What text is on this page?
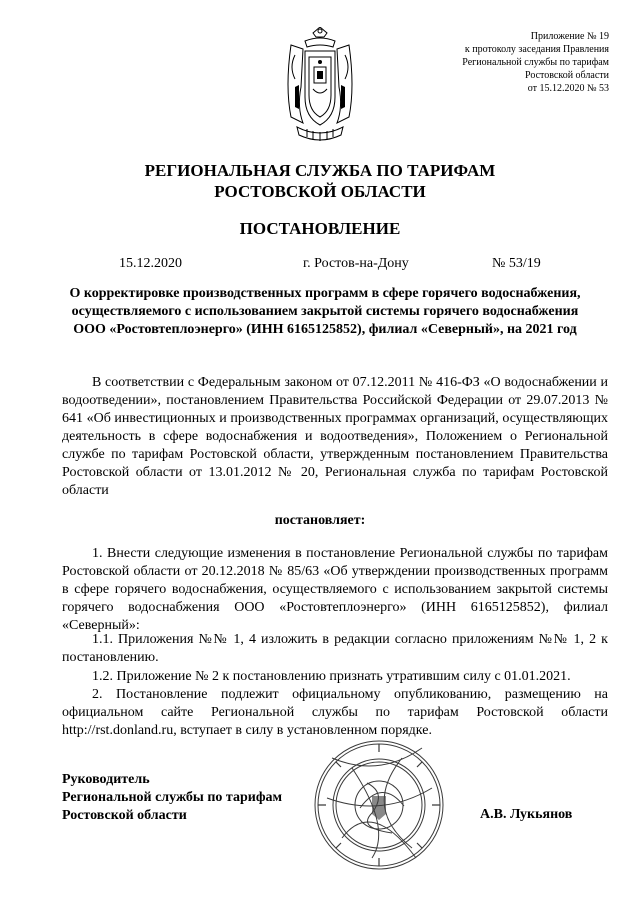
Приложение № 19
к протоколу заседания Правления
Региональной службы по тарифам
Ростовской области
от 15.12.2020 № 53
РЕГИОНАЛЬНАЯ СЛУЖБА ПО ТАРИФАМ
РОСТОВСКОЙ ОБЛАСТИ
ПОСТАНОВЛЕНИЕ
15.12.2020	г. Ростов-на-Дону	№ 53/19
О корректировке производственных программ в сфере горячего водоснабжения, осуществляемого с использованием закрытой системы горячего водоснабжения ООО «Ростовтеплоэнерго» (ИНН 6165125852), филиал «Северный», на 2021 год

В соответствии с Федеральным законом от 07.12.2011 № 416-ФЗ «О водоснабжении и водоотведении», постановлением Правительства Российской Федерации от 29.07.2013 № 641 «Об инвестиционных и производственных программах организаций, осуществляющих деятельность в сфере водоснабжения и водоотведения», Положением о Региональной службе по тарифам Ростовской области, утвержденным постановлением Правительства Ростовской области от 13.01.2012 № 20, Региональная служба по тарифам Ростовской области

постановляет:

1. Внести следующие изменения в постановление Региональной службы по тарифам Ростовской области от 20.12.2018 № 85/63 «Об утверждении производственных программ в сфере горячего водоснабжения, осуществляемого с использованием закрытой системы горячего водоснабжения ООО «Ростовтеплоэнерго» (ИНН 6165125852), филиал «Северный»:

1.1. Приложения №№ 1, 4 изложить в редакции согласно приложениям №№ 1, 2 к постановлению.

1.2. Приложение № 2 к постановлению признать утратившим силу с 01.01.2021.

2. Постановление подлежит официальному опубликованию, размещению на официальном сайте Региональной службы по тарифам Ростовской области http://rst.donland.ru, вступает в силу в установленном порядке.

Руководитель
Региональной службы по тарифам
Ростовской области	А.В. Лукьянов
